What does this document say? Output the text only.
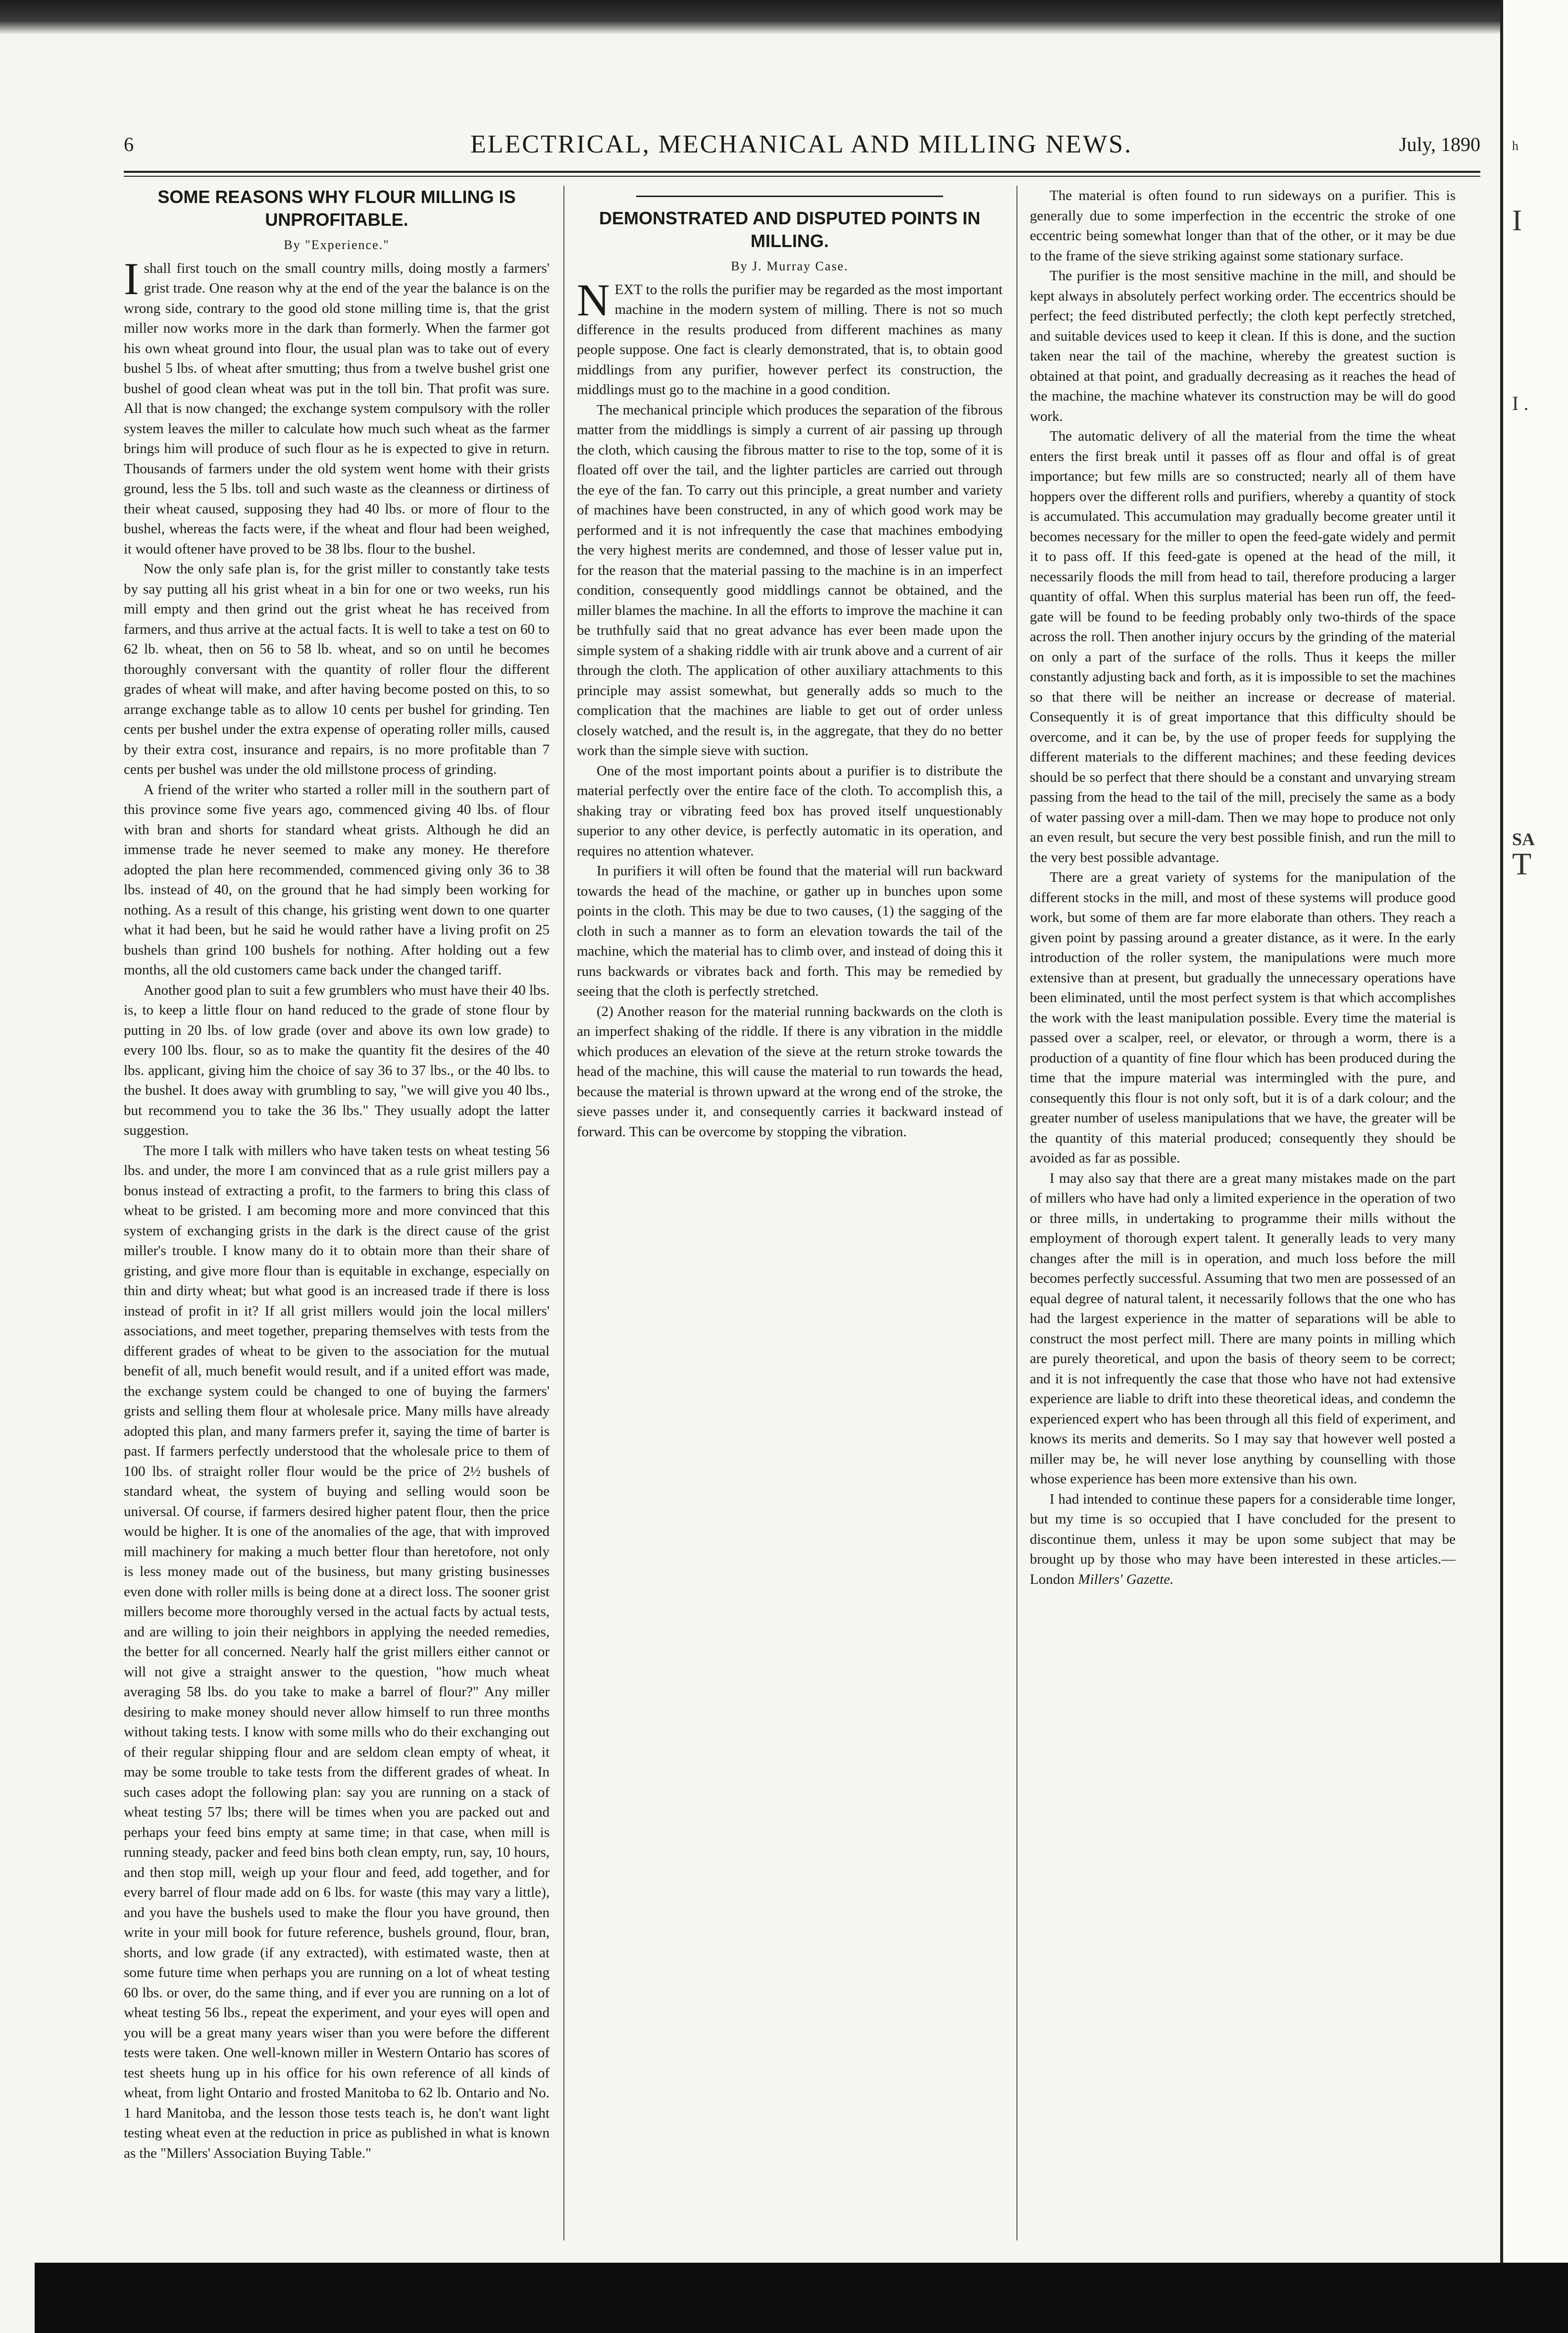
6	ELECTRICAL, MECHANICAL AND MILLING NEWS.	July, 1890
SOME REASONS WHY FLOUR MILLING IS UNPROFITABLE.
By "Experience."

I shall first touch on the small country mills, doing mostly a farmers' grist trade. One reason why at the end of the year the balance is on the wrong side, contrary to the good old stone milling time is, that the grist miller now works more in the dark than formerly. When the farmer got his own wheat ground into flour, the usual plan was to take out of every bushel 5 lbs. of wheat after smutting; thus from a twelve bushel grist one bushel of good clean wheat was put in the toll bin. That profit was sure. All that is now changed; the exchange system compulsory with the roller system leaves the miller to calculate how much such wheat as the farmer brings him will produce of such flour as he is expected to give in return. Thousands of farmers under the old system went home with their grists ground, less the 5 lbs. toll and such waste as the cleanness or dirtiness of their wheat caused, supposing they had 40 lbs. or more of flour to the bushel, whereas the facts were, if the wheat and flour had been weighed, it would oftener have proved to be 38 lbs. flour to the bushel.

Now the only safe plan is, for the grist miller to constantly take tests by say putting all his grist wheat in a bin for one or two weeks, run his mill empty and then grind out the grist wheat he has received from farmers, and thus arrive at the actual facts. It is well to take a test on 60 to 62 lb. wheat, then on 56 to 58 lb. wheat, and so on until he becomes thoroughly conversant with the quantity of roller flour the different grades of wheat will make, and after having become posted on this, to so arrange exchange table as to allow 10 cents per bushel for grinding. Ten cents per bushel under the extra expense of operating roller mills, caused by their extra cost, insurance and repairs, is no more profitable than 7 cents per bushel was under the old millstone process of grinding.

A friend of the writer who started a roller mill in the southern part of this province some five years ago, commenced giving 40 lbs. of flour with bran and shorts for standard wheat grists. Although he did an immense trade he never seemed to make any money. He therefore adopted the plan here recommended, commenced giving only 36 to 38 lbs. instead of 40, on the ground that he had simply been working for nothing. As a result of this change, his gristing went down to one quarter what it had been, but he said he would rather have a living profit on 25 bushels than grind 100 bushels for nothing. After holding out a few months, all the old customers came back under the changed tariff.

Another good plan to suit a few grumblers who must have their 40 lbs. is, to keep a little flour on hand reduced to the grade of stone flour by putting in 20 lbs. of low grade (over and above its own low grade) to every 100 lbs. flour, so as to make the quantity fit the desires of the 40 lbs. applicant, giving him the choice of say 36 to 37 lbs., or the 40 lbs. to the bushel. It does away with grumbling to say, "we will give you 40 lbs., but recommend you to take the 36 lbs." They usually adopt the latter suggestion.

The more I talk with millers who have taken tests on wheat testing 56 lbs. and under, the more I am convinced that as a rule grist millers pay a bonus instead of extracting a profit, to the farmers to bring this class of wheat to be gristed. I am becoming more and more convinced that this system of exchanging grists in the dark is the direct cause of the grist miller's trouble. I know many do it to obtain more than their share of gristing, and give more flour than is equitable in exchange, especially on thin and dirty wheat; but what good is an increased trade if there is loss instead of profit in it? If all grist millers would join the local millers' associations, and meet together, preparing themselves with tests from the different grades of wheat to be given to the association for the mutual benefit of all, much benefit would result, and if a united effort was made, the exchange system could be changed to one of buying the farmers' grists and selling them flour at wholesale price. Many mills have already adopted this plan, and many farmers prefer it, saying the time of barter is past. If farmers perfectly understood that the wholesale price to them of 100 lbs. of straight roller flour would be the price of 2½ bushels of standard wheat, the system of buying and selling would soon be universal. Of course, if farmers desired higher patent flour, then the price would be higher. It is one of the anomalies of the age, that with improved mill machinery for making a much better flour than heretofore, not only is less money made out of the business, but many gristing businesses even done with roller mills is being done at a direct loss. The sooner grist millers become more thoroughly versed in the actual facts by actual tests, and are willing to join their neighbors in applying the needed remedies, the better for all concerned. Nearly half the grist millers either cannot or will not give a straight answer to the question, "how much wheat averaging 58 lbs. do you take to make a barrel of flour?" Any miller desiring to make money should never allow himself to run three months without taking tests. I know with some mills who do their exchanging out of their regular shipping flour and are seldom clean empty of wheat, it may be some trouble to take tests from the different grades of wheat. In such cases adopt the following plan: say you are running on a stack of wheat testing 57 lbs; there will be times when you are packed out and perhaps your feed bins empty at same time; in that case, when mill is running steady, packer and feed bins both clean empty, run, say, 10 hours, and then stop mill, weigh up your flour and feed, add together, and for every barrel of flour made add on 6 lbs. for waste (this may vary a little), and you have the bushels used to make the flour you have ground, then write in your mill book for future reference, bushels ground, flour, bran, shorts, and low grade (if any extracted), with estimated waste, then at some future time when perhaps you are running on a lot of wheat testing 60 lbs. or over, do the same thing, and if ever you are running on a lot of wheat testing 56 lbs., repeat the experiment, and your eyes will open and you will be a great many years wiser than you were before the different tests were taken. One well-known miller in Western Ontario has scores of test sheets hung up in his office for his own reference of all kinds of wheat, from light Ontario and frosted Manitoba to 62 lb. Ontario and No. 1 hard Manitoba, and the lesson those tests teach is, he don't want light testing wheat even at the reduction in price as published in what is known as the "Millers' Association Buying Table."

DEMONSTRATED AND DISPUTED POINTS IN MILLING.
By J. Murray Case.

NEXT to the rolls the purifier may be regarded as the most important machine in the modern system of milling. There is not so much difference in the results produced from different machines as many people suppose. One fact is clearly demonstrated, that is, to obtain good middlings from any purifier, however perfect its construction, the middlings must go to the machine in a good condition.

The mechanical principle which produces the separation of the fibrous matter from the middlings is simply a current of air passing up through the cloth, which causing the fibrous matter to rise to the top, some of it is floated off over the tail, and the lighter particles are carried out through the eye of the fan. To carry out this principle, a great number and variety of machines have been constructed, in any of which good work may be performed and it is not infrequently the case that machines embodying the very highest merits are condemned, and those of lesser value put in, for the reason that the material passing to the machine is in an imperfect condition, consequently good middlings cannot be obtained, and the miller blames the machine. In all the efforts to improve the machine it can be truthfully said that no great advance has ever been made upon the simple system of a shaking riddle with air trunk above and a current of air through the cloth. The application of other auxiliary attachments to this principle may assist somewhat, but generally adds so much to the complication that the machines are liable to get out of order unless closely watched, and the result is, in the aggregate, that they do no better work than the simple sieve with suction.

One of the most important points about a purifier is to distribute the material perfectly over the entire face of the cloth. To accomplish this, a shaking tray or vibrating feed box has proved itself unquestionably superior to any other device, is perfectly automatic in its operation, and requires no attention whatever.

In purifiers it will often be found that the material will run backward towards the head of the machine, or gather up in bunches upon some points in the cloth. This may be due to two causes, (1) the sagging of the cloth in such a manner as to form an elevation towards the tail of the machine, which the material has to climb over, and instead of doing this it runs backwards or vibrates back and forth. This may be remedied by seeing that the cloth is perfectly stretched.

(2) Another reason for the material running backwards on the cloth is an imperfect shaking of the riddle. If there is any vibration in the middle which produces an elevation of the sieve at the return stroke towards the head of the machine, this will cause the material to run towards the head, because the material is thrown upward at the wrong end of the stroke, the sieve passes under it, and consequently carries it backward instead of forward. This can be overcome by stopping the vibration.

The material is often found to run sideways on a purifier. This is generally due to some imperfection in the eccentric the stroke of one eccentric being somewhat longer than that of the other, or it may be due to the frame of the sieve striking against some stationary surface.

The purifier is the most sensitive machine in the mill, and should be kept always in absolutely perfect working order. The eccentrics should be perfect; the feed distributed perfectly; the cloth kept perfectly stretched, and suitable devices used to keep it clean. If this is done, and the suction taken near the tail of the machine, whereby the greatest suction is obtained at that point, and gradually decreasing as it reaches the head of the machine, the machine whatever its construction may be will do good work.

The automatic delivery of all the material from the time the wheat enters the first break until it passes off as flour and offal is of great importance; but few mills are so constructed; nearly all of them have hoppers over the different rolls and purifiers, whereby a quantity of stock is accumulated. This accumulation may gradually become greater until it becomes necessary for the miller to open the feed-gate widely and permit it to pass off. If this feed-gate is opened at the head of the mill, it necessarily floods the mill from head to tail, therefore producing a larger quantity of offal. When this surplus material has been run off, the feed-gate will be found to be feeding probably only two-thirds of the space across the roll. Then another injury occurs by the grinding of the material on only a part of the surface of the rolls. Thus it keeps the miller constantly adjusting back and forth, as it is impossible to set the machines so that there will be neither an increase or decrease of material. Consequently it is of great importance that this difficulty should be overcome, and it can be, by the use of proper feeds for supplying the different materials to the different machines; and these feeding devices should be so perfect that there should be a constant and unvarying stream passing from the head to the tail of the mill, precisely the same as a body of water passing over a mill-dam. Then we may hope to produce not only an even result, but secure the very best possible finish, and run the mill to the very best possible advantage.

There are a great variety of systems for the manipulation of the different stocks in the mill, and most of these systems will produce good work, but some of them are far more elaborate than others. They reach a given point by passing around a greater distance, as it were. In the early introduction of the roller system, the manipulations were much more extensive than at present, but gradually the unnecessary operations have been eliminated, until the most perfect system is that which accomplishes the work with the least manipulation possible. Every time the material is passed over a scalper, reel, or elevator, or through a worm, there is a production of a quantity of fine flour which has been produced during the time that the impure material was intermingled with the pure, and consequently this flour is not only soft, but it is of a dark colour; and the greater number of useless manipulations that we have, the greater will be the quantity of this material produced; consequently they should be avoided as far as possible.

I may also say that there are a great many mistakes made on the part of millers who have had only a limited experience in the operation of two or three mills, in undertaking to programme their mills without the employment of thorough expert talent. It generally leads to very many changes after the mill is in operation, and much loss before the mill becomes perfectly successful. Assuming that two men are possessed of an equal degree of natural talent, it necessarily follows that the one who has had the largest experience in the matter of separations will be able to construct the most perfect mill. There are many points in milling which are purely theoretical, and upon the basis of theory seem to be correct; and it is not infrequently the case that those who have not had extensive experience are liable to drift into these theoretical ideas, and condemn the experienced expert who has been through all this field of experiment, and knows its merits and demerits. So I may say that however well posted a miller may be, he will never lose anything by counselling with those whose experience has been more extensive than his own.

I had intended to continue these papers for a considerable time longer, but my time is so occupied that I have concluded for the present to discontinue them, unless it may be upon some subject that may be brought up by those who may have been interested in these articles.—London Millers' Gazette.

h
I
I .
SA
T
